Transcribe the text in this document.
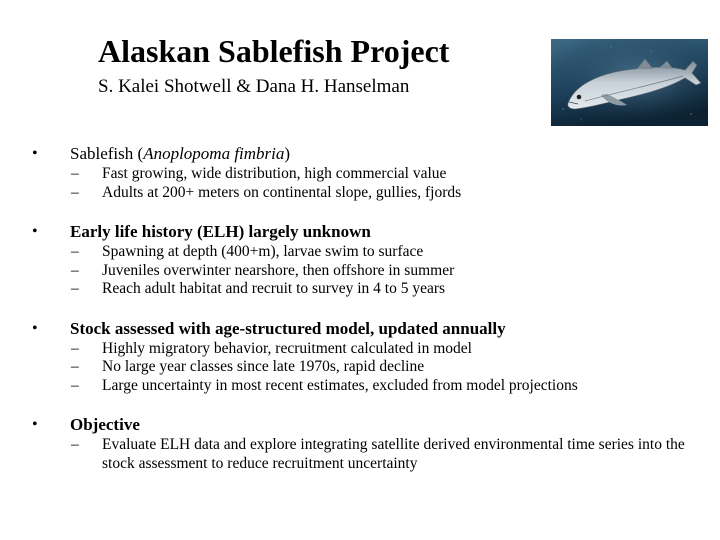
Alaskan Sablefish Project
S. Kalei Shotwell & Dana H. Hanselman
• Sablefish (Anoplopoma fimbria)
– Fast growing, wide distribution, high commercial value
– Adults at 200+ meters on continental slope, gullies, fjords
• Early life history (ELH) largely unknown
– Spawning at depth (400+m), larvae swim to surface
– Juveniles overwinter nearshore, then offshore in summer
– Reach adult habitat and recruit to survey in 4 to 5 years
• Stock assessed with age-structured model, updated annually
– Highly migratory behavior, recruitment calculated in model
– No large year classes since late 1970s, rapid decline
– Large uncertainty in most recent estimates, excluded from model projections
• Objective
– Evaluate ELH data and explore integrating satellite derived environmental time series into the stock assessment to reduce recruitment uncertainty
